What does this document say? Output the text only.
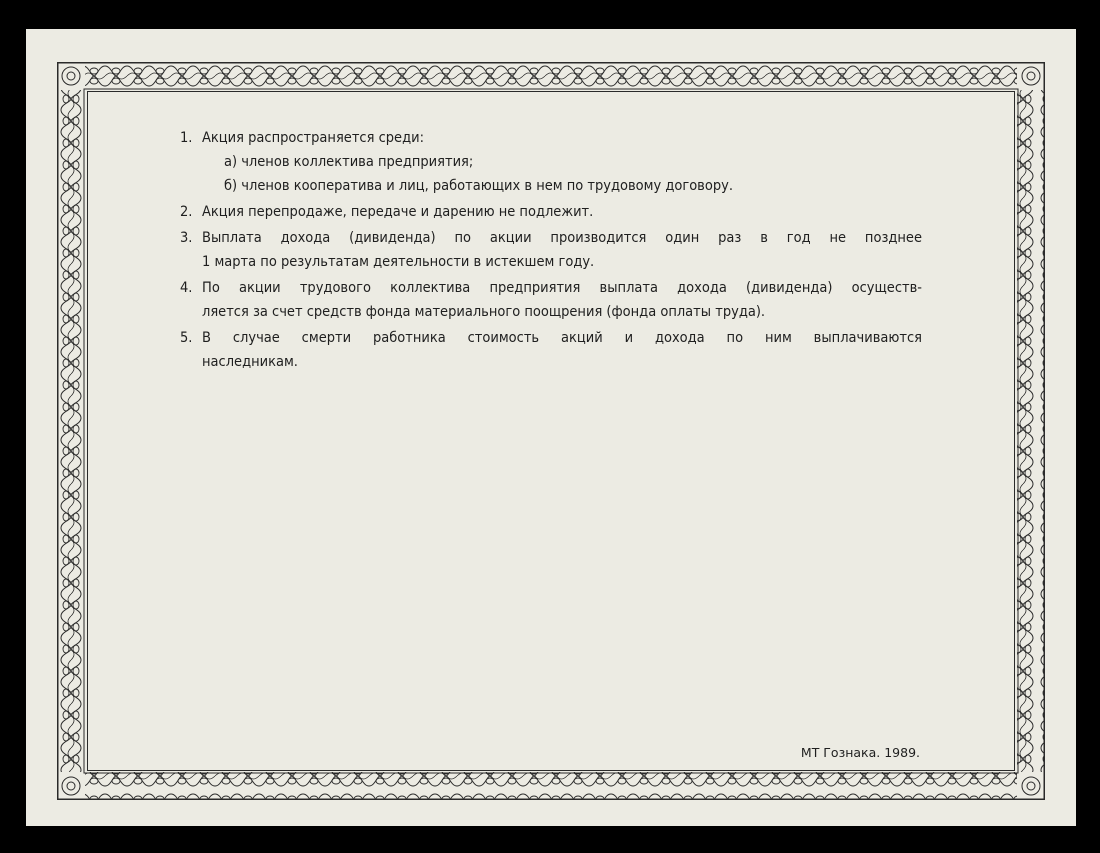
1. Акция распространяется среди:
а) членов коллектива предприятия;
б) членов кооператива и лиц, работающих в нем по трудовому договору.
2. Акция перепродаже, передаче и дарению не подлежит.
3. Выплата дохода (дивиденда) по акции производится один раз в год не позднее
1 марта по результатам деятельности в истекшем году.
4. По акции трудового коллектива предприятия выплата дохода (дивиденда) осуществ-
ляется за счет средств фонда материального поощрения (фонда оплаты труда).
5. В случае смерти работника стоимость акций и дохода по ним выплачиваются
наследникам.
МТ Гознака. 1989.
